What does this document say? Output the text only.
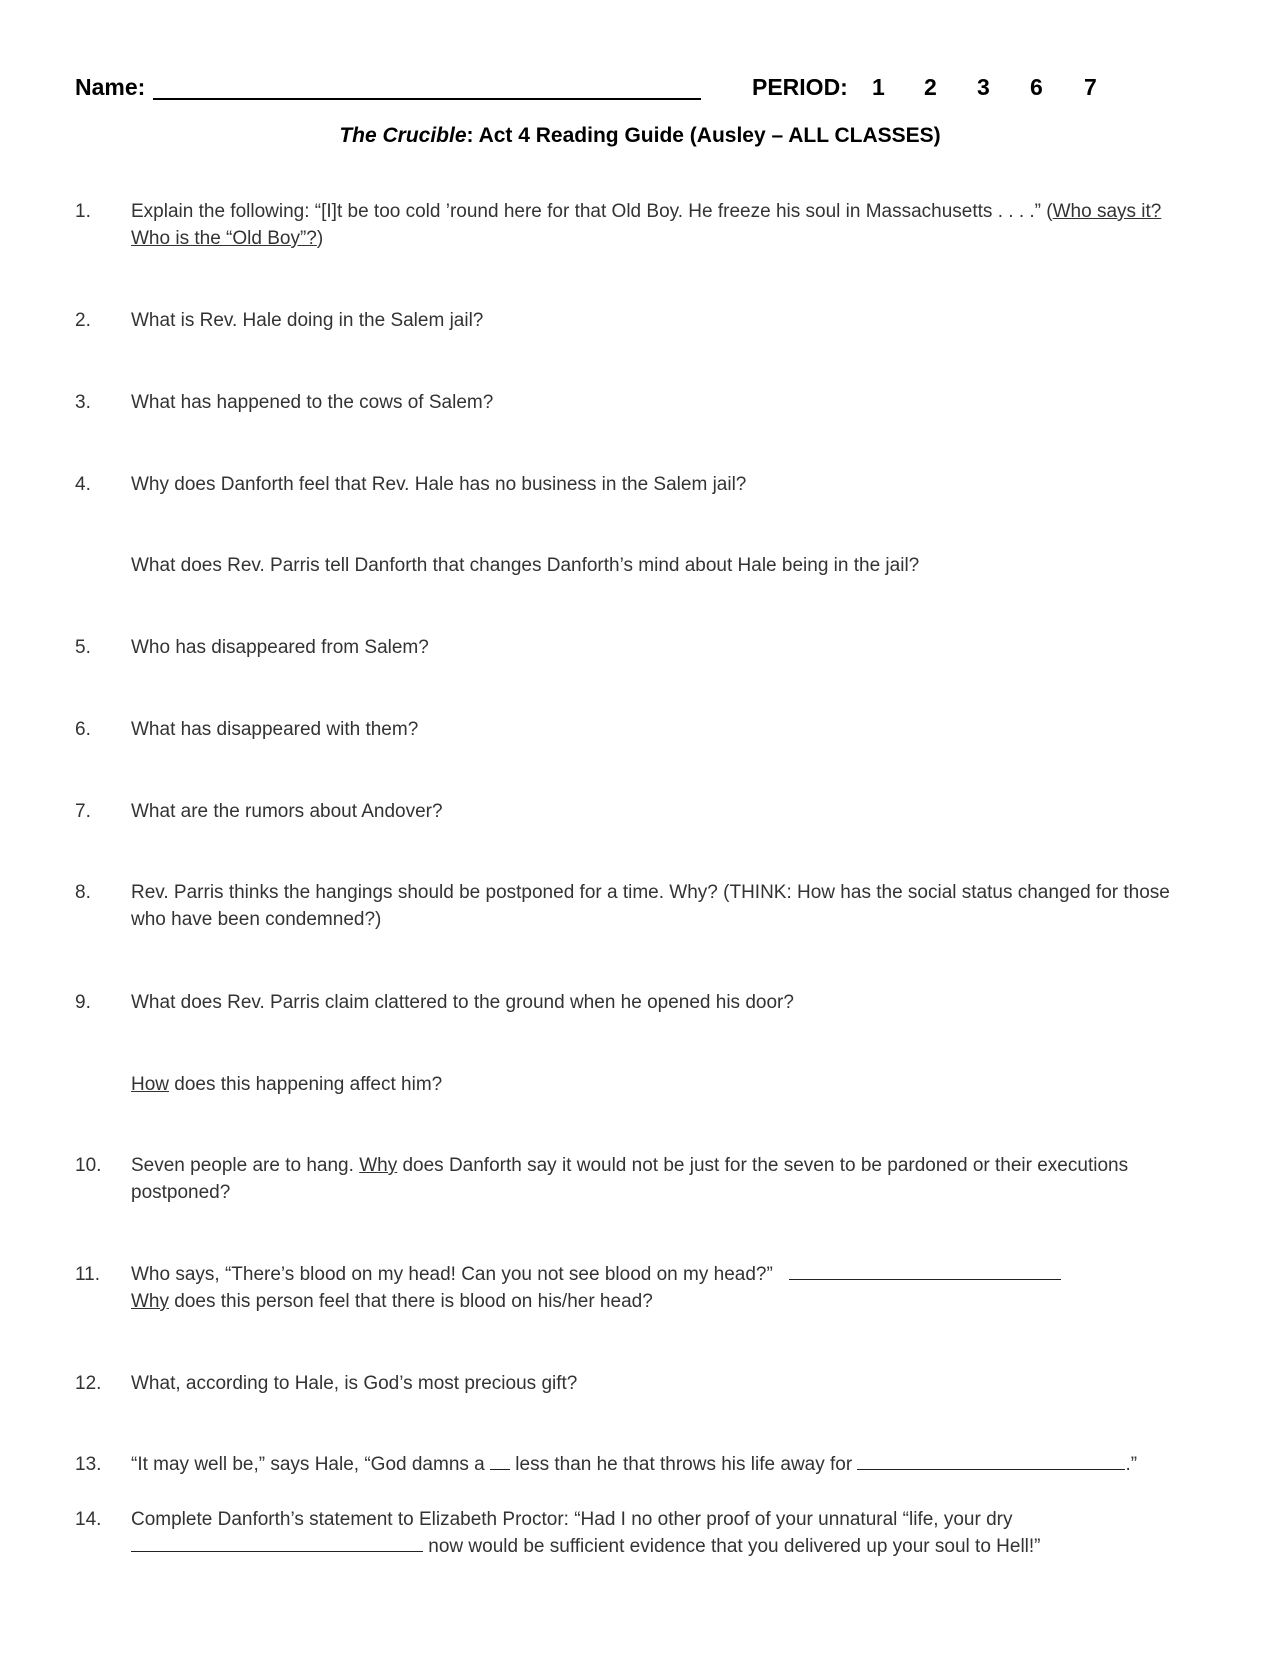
Name:	PERIOD: 1 2 3 6 7
The Crucible: Act 4 Reading Guide (Ausley – ALL CLASSES)
1.	Explain the following: “[I]t be too cold ’round here for that Old Boy. He freeze his soul in Massachusetts . . . .” (Who says it? Who is the “Old Boy”?)
2.	What is Rev. Hale doing in the Salem jail?
3.	What has happened to the cows of Salem?
4.	Why does Danforth feel that Rev. Hale has no business in the Salem jail?
What does Rev. Parris tell Danforth that changes Danforth’s mind about Hale being in the jail?
5.	Who has disappeared from Salem?
6.	What has disappeared with them?
7.	What are the rumors about Andover?
8.	Rev. Parris thinks the hangings should be postponed for a time. Why? (THINK: How has the social status changed for those who have been condemned?)
9.	What does Rev. Parris claim clattered to the ground when he opened his door?
How does this happening affect him?
10.	Seven people are to hang. Why does Danforth say it would not be just for the seven to be pardoned or their executions postponed?
11.	Who says, “There’s blood on my head! Can you not see blood on my head?”
Why does this person feel that there is blood on his/her head?
12.	What, according to Hale, is God’s most precious gift?
13.	“It may well be,” says Hale, “God damns a  less than he that throws his life away for	.”
14.	Complete Danforth’s statement to Elizabeth Proctor: “Had I no other proof of your unnatural “life, your dry
now would be sufficient evidence that you delivered up your soul to Hell!”
